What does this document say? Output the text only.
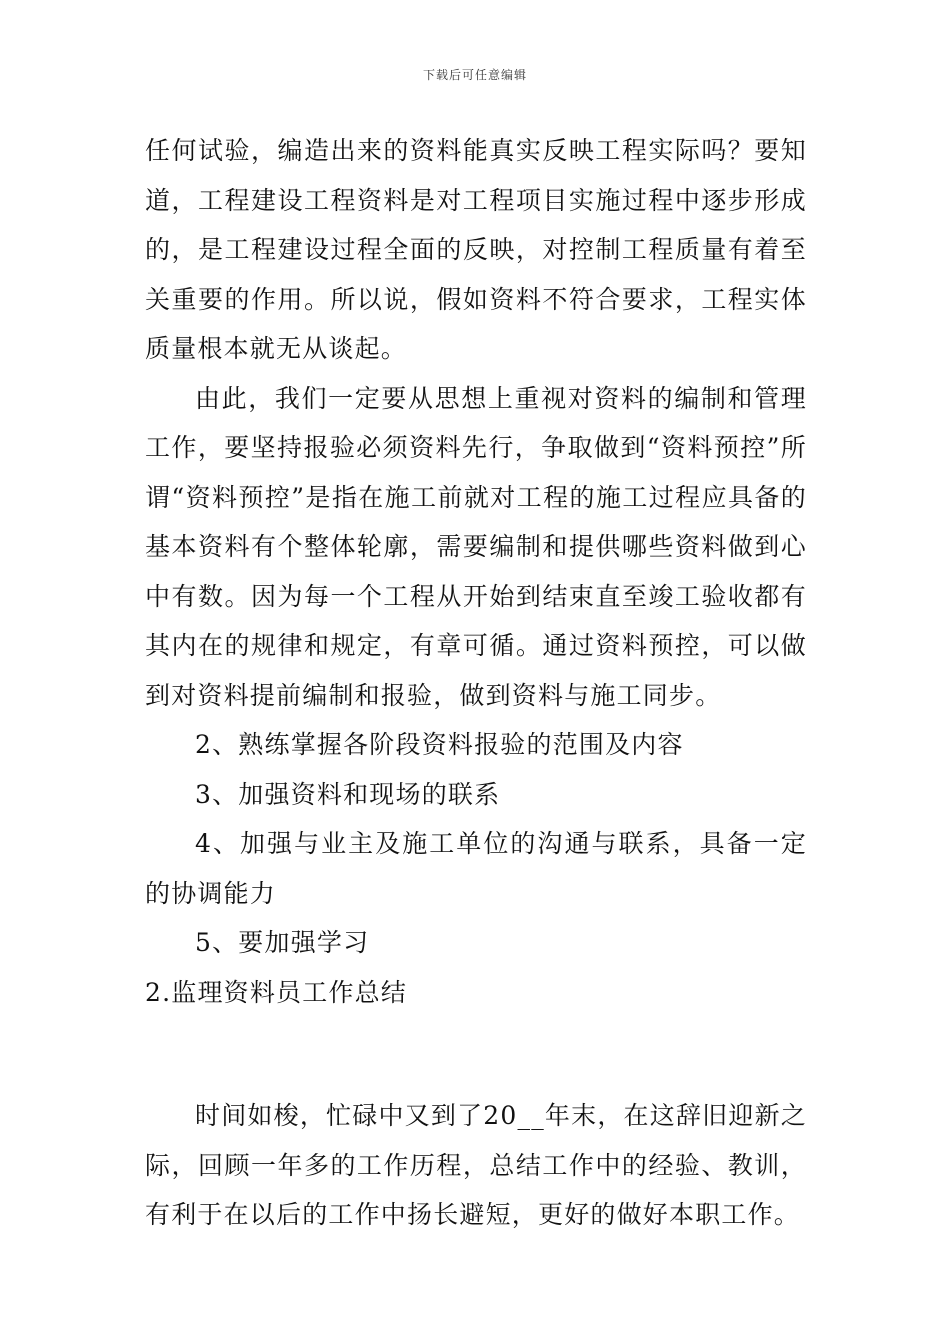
下载后可任意编辑

任何试验，编造出来的资料能真实反映工程实际吗？要知道，工程建设工程资料是对工程项目实施过程中逐步形成的，是工程建设过程全面的反映，对控制工程质量有着至关重要的作用。所以说，假如资料不符合要求，工程实体质量根本就无从谈起。

由此，我们一定要从思想上重视对资料的编制和管理工作，要坚持报验必须资料先行，争取做到“资料预控”所谓“资料预控”是指在施工前就对工程的施工过程应具备的基本资料有个整体轮廓，需要编制和提供哪些资料做到心中有数。因为每一个工程从开始到结束直至竣工验收都有其内在的规律和规定，有章可循。通过资料预控，可以做到对资料提前编制和报验，做到资料与施工同步。

2、熟练掌握各阶段资料报验的范围及内容

3、加强资料和现场的联系

4、加强与业主及施工单位的沟通与联系，具备一定的协调能力

5、要加强学习

2.监理资料员工作总结

时间如梭，忙碌中又到了20__年末，在这辞旧迎新之际，回顾一年多的工作历程，总结工作中的经验、教训，有利于在以后的工作中扬长避短，更好的做好本职工作。
